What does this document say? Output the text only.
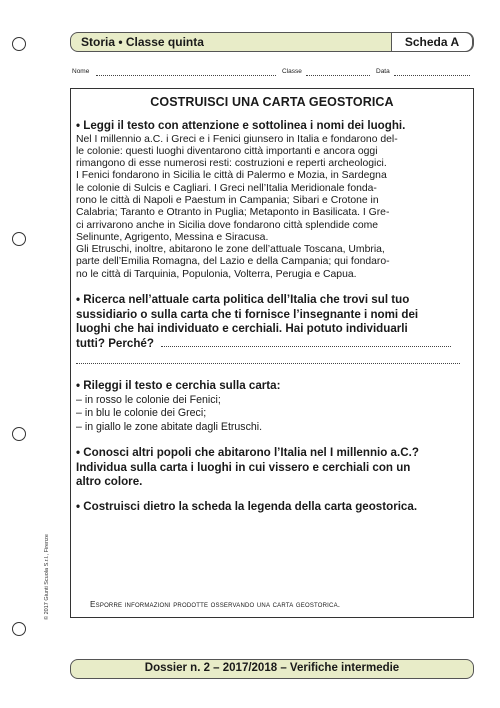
Storia • Classe quinta	Scheda A
Nome	Classe	Data
COSTRUISCI UNA CARTA GEOSTORICA

• Leggi il testo con attenzione e sottolinea i nomi dei luoghi.

Nel I millennio a.C. i Greci e i Fenici giunsero in Italia e fondarono del-

le colonie: questi luoghi diventarono città importanti e ancora oggi

rimangono di esse numerosi resti: costruzioni e reperti archeologici.

I Fenici fondarono in Sicilia le città di Palermo e Mozia, in Sardegna

le colonie di Sulcis e Cagliari. I Greci nell’Italia Meridionale fonda-

rono le città di Napoli e Paestum in Campania; Sibari e Crotone in

Calabria; Taranto e Otranto in Puglia; Metaponto in Basilicata. I Gre-

ci arrivarono anche in Sicilia dove fondarono città splendide come

Selinunte, Agrigento, Messina e Siracusa.

Gli Etruschi, inoltre, abitarono le zone dell’attuale Toscana, Umbria,

parte dell’Emilia Romagna, del Lazio e della Campania; qui fondaro-

no le città di Tarquinia, Populonia, Volterra, Perugia e Capua.

• Ricerca nell’attuale carta politica dell’Italia che trovi sul tuo

sussidiario o sulla carta che ti fornisce l’insegnante i nomi dei

luoghi che hai individuato e cerchiali. Hai potuto individuarli

tutti? Perché?

• Rileggi il testo e cerchia sulla carta:

– in rosso le colonie dei Fenici;

– in blu le colonie dei Greci;

– in giallo le zone abitate dagli Etruschi.

• Conosci altri popoli che abitarono l’Italia nel I millennio a.C.?

Individua sulla carta i luoghi in cui vissero e cerchiali con un

altro colore.

• Costruisci dietro la scheda la legenda della carta geostorica.

Esporre informazioni prodotte osservando una carta geostorica.
© 2017 Giunti Scuola S.r.l., Firenze
Dossier n. 2 – 2017/2018 – Verifiche intermedie
